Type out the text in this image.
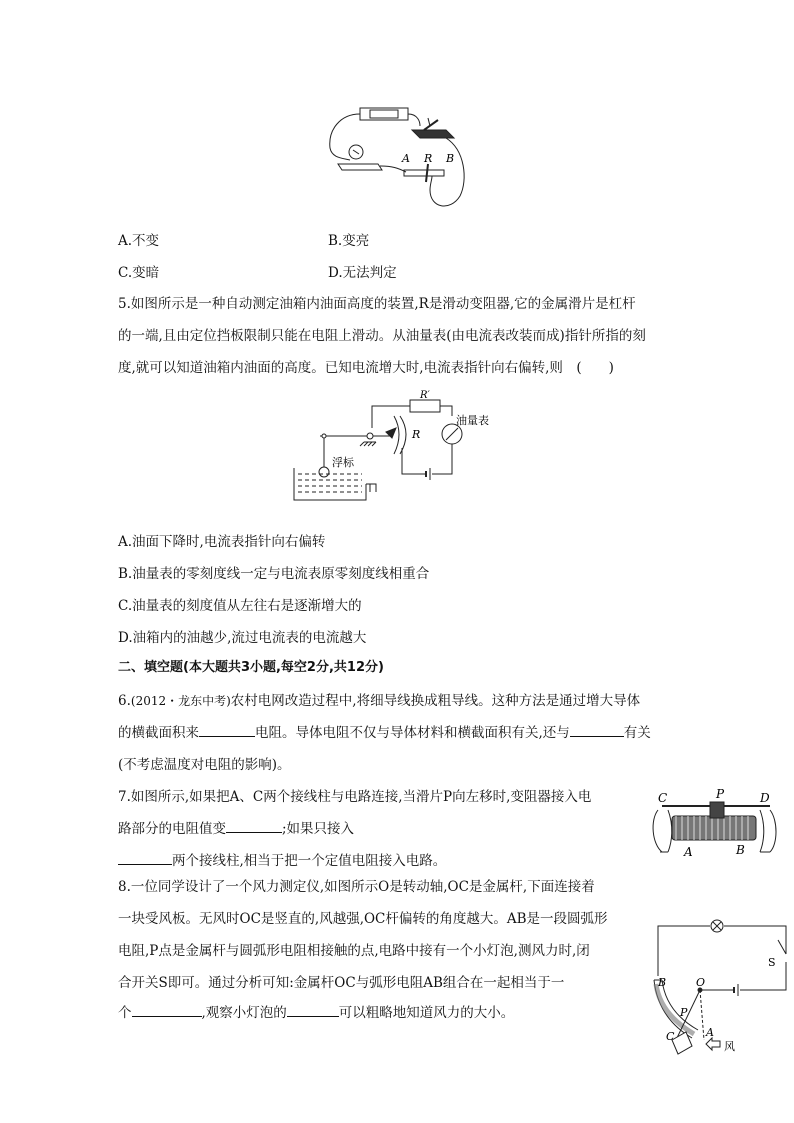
A R B
A.不变	B.变亮
C.变暗	D.无法判定
5.如图所示是一种自动测定油箱内油面高度的装置,R是滑动变阻器,它的金属滑片是杠杆
的一端,且由定位挡板限制只能在电阻上滑动。从油量表(由电流表改装而成)指针所指的刻
度,就可以知道油箱内油面的高度。已知电流增大时,电流表指针向右偏转,则　(　　)
R′
R
油量表
浮标
A.油面下降时,电流表指针向右偏转
B.油量表的零刻度线一定与电流表原零刻度线相重合
C.油量表的刻度值从左往右是逐渐增大的
D.油箱内的油越少,流过电流表的电流越大
二、填空题(本大题共3小题,每空2分,共12分)
6.(2012・龙东中考)农村电网改造过程中,将细导线换成粗导线。这种方法是通过增大导体
的横截面积来	电阻。导体电阻不仅与导体材料和横截面积有关,还与	有关
(不考虑温度对电阻的影响)。
7.如图所示,如果把A、C两个接线柱与电路连接,当滑片P向左移时,变阻器接入电
路部分的电阻值变	;如果只接入
两个接线柱,相当于把一个定值电阻接入电路。
C	P	D
A	B
8.一位同学设计了一个风力测定仪,如图所示O是转动轴,OC是金属杆,下面连接着
一块受风板。无风时OC是竖直的,风越强,OC杆偏转的角度越大。AB是一段圆弧形
电阻,P点是金属杆与圆弧形电阻相接触的点,电路中接有一个小灯泡,测风力时,闭
合开关S即可。通过分析可知:金属杆OC与弧形电阻AB组合在一起相当于一
个	,观察小灯泡的	可以粗略地知道风力的大小。
S
B	O
P
A
C
风
